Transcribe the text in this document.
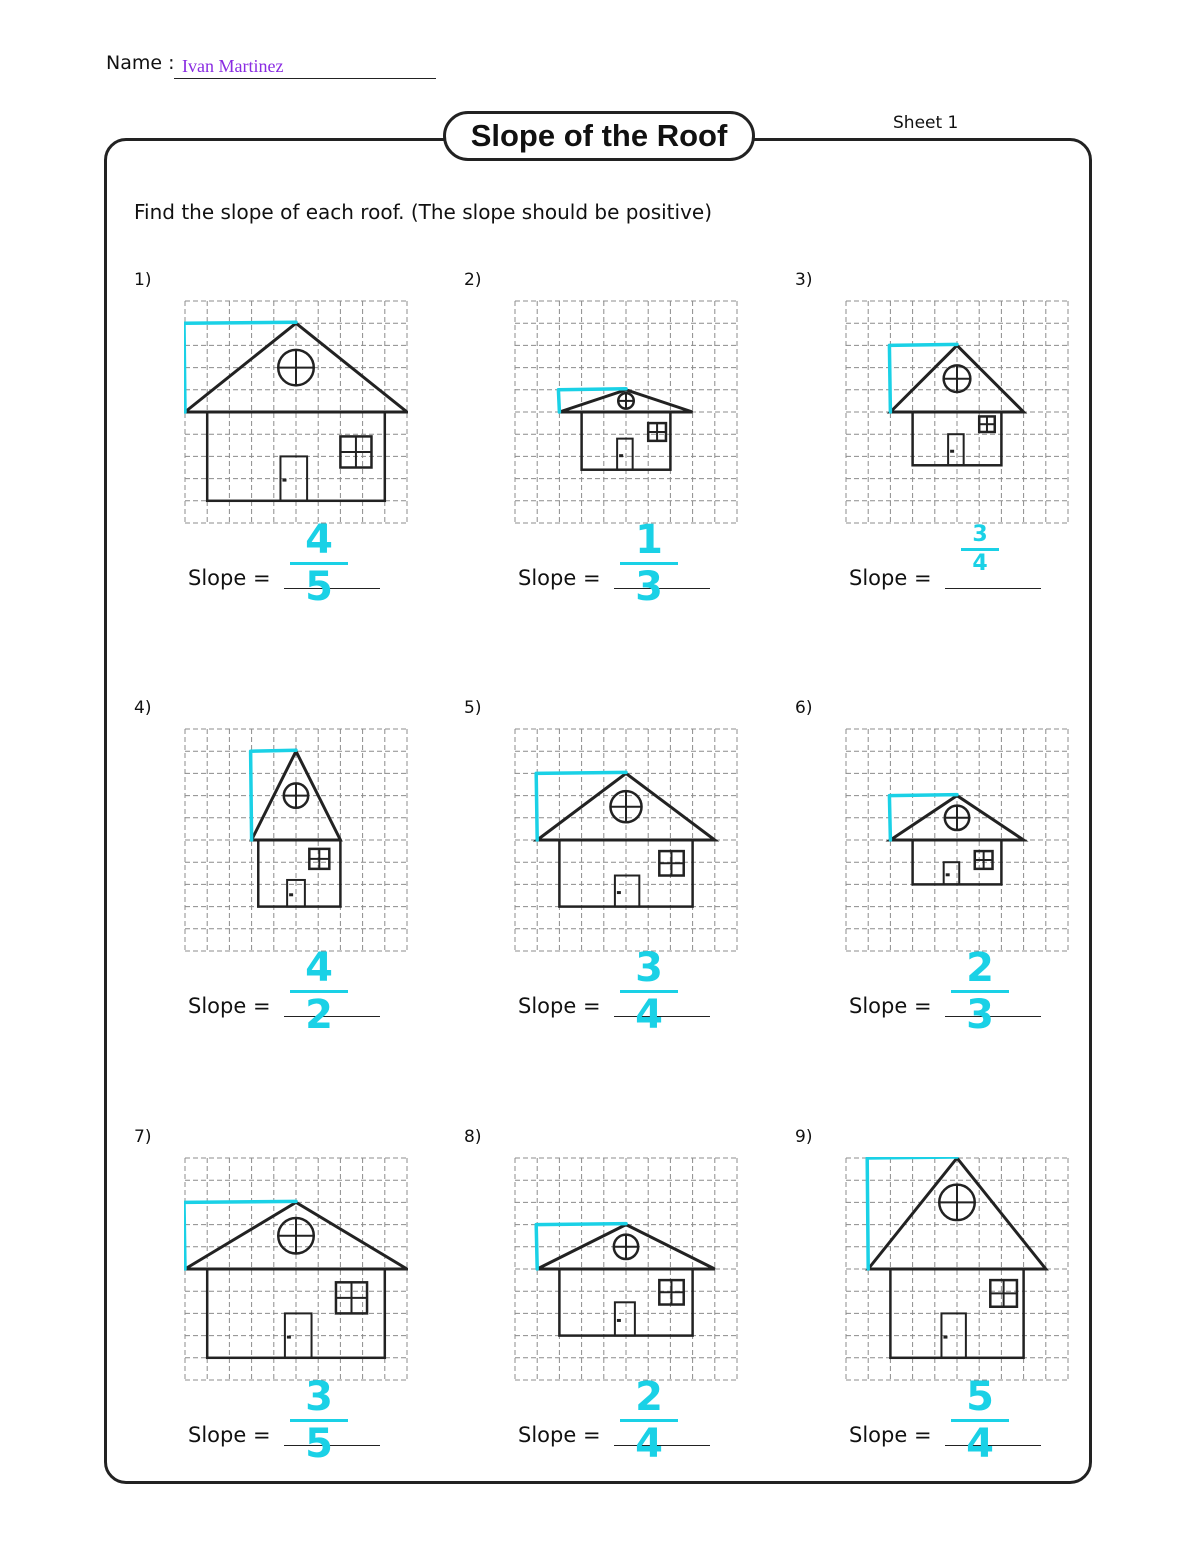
Name : Ivan Martinez
Slope of the Roof	Sheet 1
Find the slope of each roof. (The slope should be positive)
1)
Slope =
4
5
2)
Slope =
1
3
3)
Slope =
3
4
4)
Slope =
4
2
5)
Slope =
3
4
6)
Slope =
2
3
7)
Slope =
3
5
8)
Slope =
2
4
9)
Slope =
5
4
